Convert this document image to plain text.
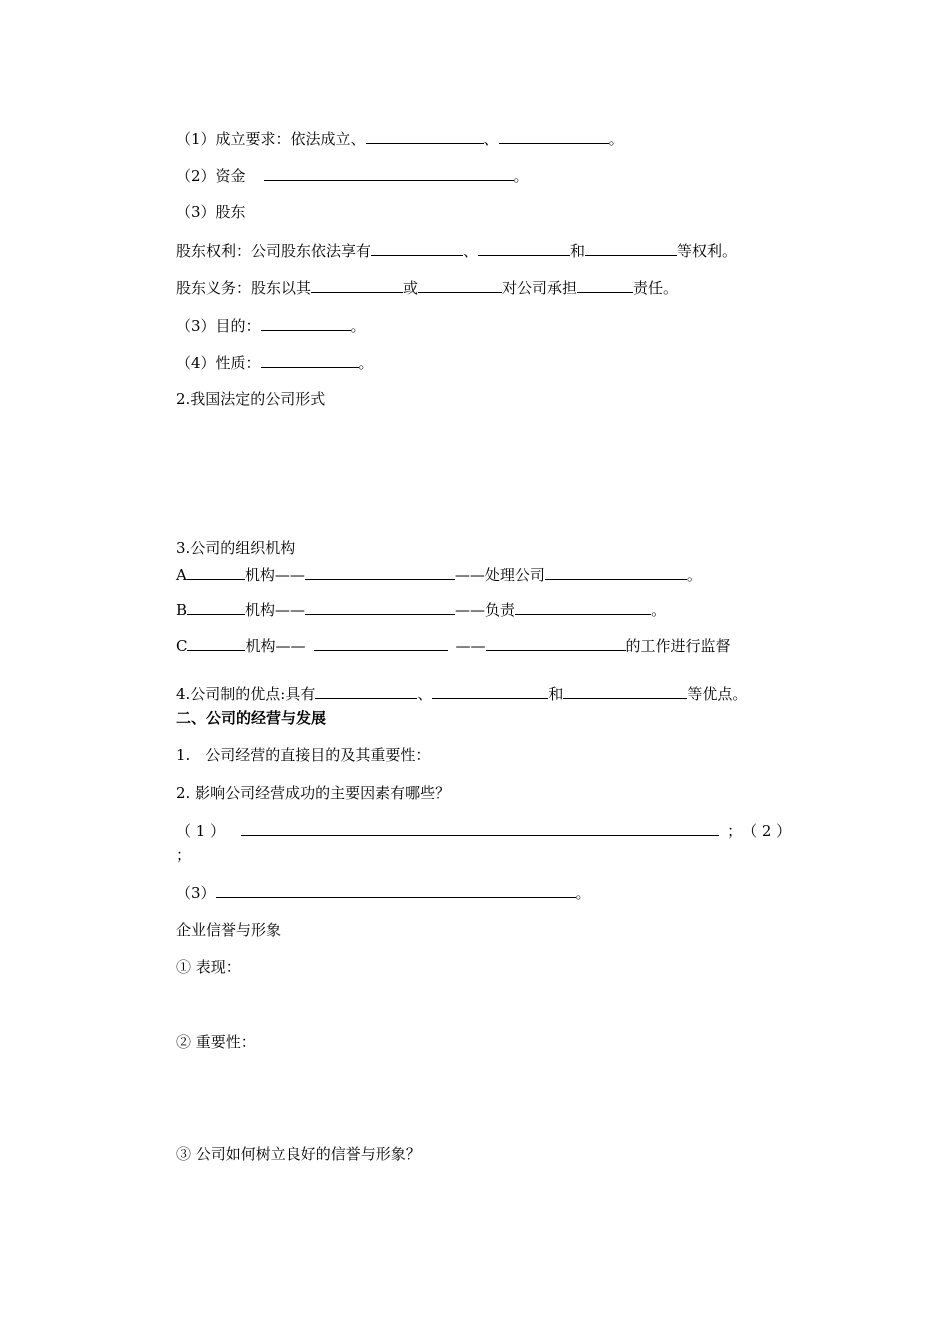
（1）成立要求：依法成立、	、	。
（2）资金	。
（3）股东
股东权利：公司股东依法享有	、	和	等权利。
股东义务：股东以其	或	对公司承担	责任。
（3）目的：	。
（4）性质：	。
2.我国法定的公司形式
3.公司的组织机构
A	机构——	——处理公司	。
B	机构——	——负责	。
C	机构——	——	的工作进行监督
4.公司制的优点:具有	、	和	等优点。
二、公司的经营与发展
1.　公司经营的直接目的及其重要性：
2. 影响公司经营成功的主要因素有哪些？
（ 1 ）	；　（ 2 ）
；
（3）	。
企业信誉与形象
① 表现：
② 重要性：
③ 公司如何树立良好的信誉与形象？
